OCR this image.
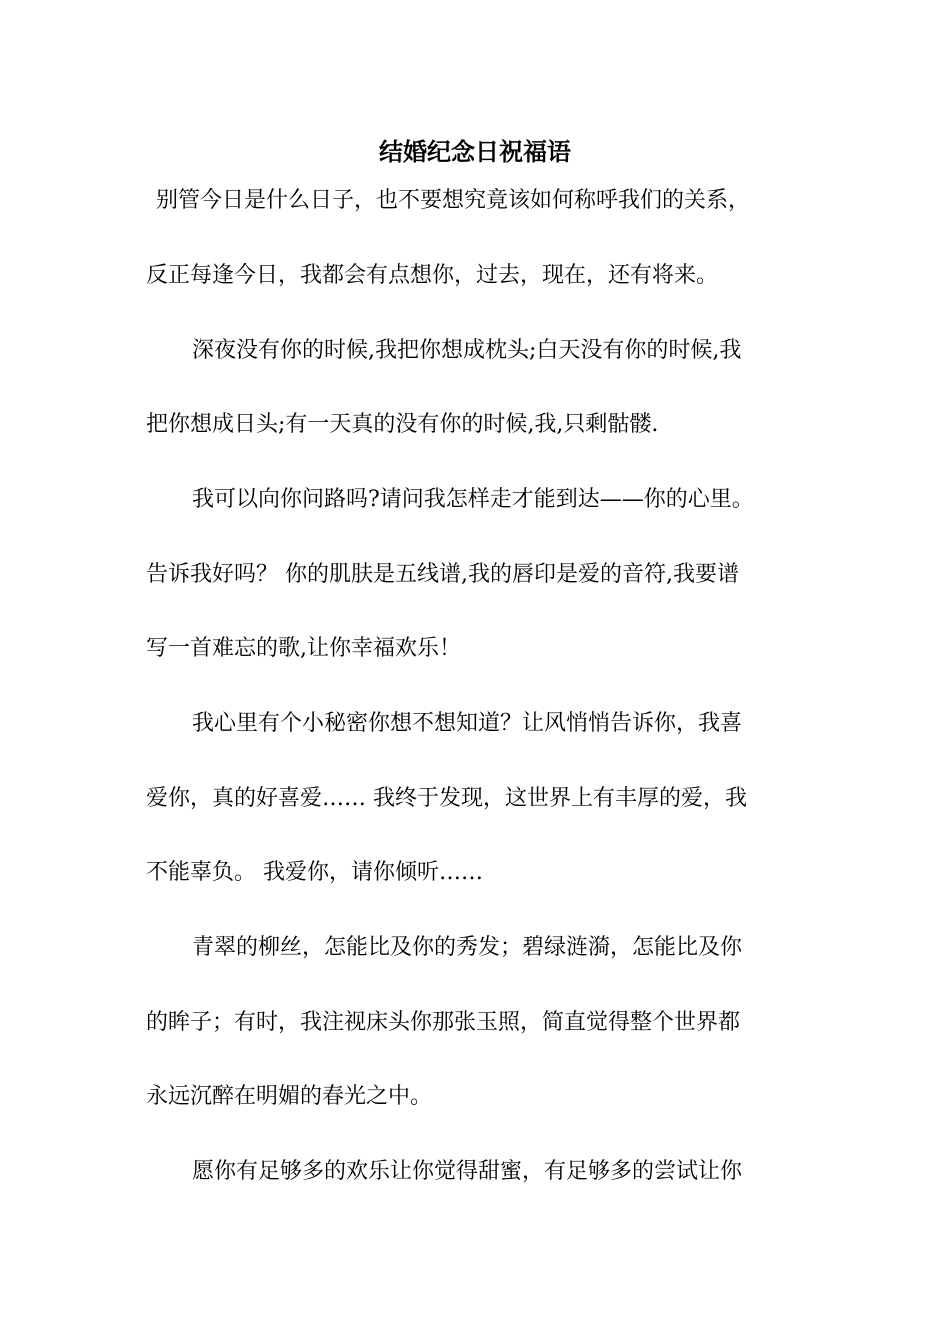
结婚纪念日祝福语
别管今日是什么日子，也不要想究竟该如何称呼我们的关系，
反正每逢今日，我都会有点想你，过去，现在，还有将来。
深夜没有你的时候,我把你想成枕头;白天没有你的时候,我
把你想成日头;有一天真的没有你的时候,我,只剩骷髅.
我可以向你问路吗?请问我怎样走才能到达——你的心里。
告诉我好吗？ 你的肌肤是五线谱,我的唇印是爱的音符,我要谱
写一首难忘的歌,让你幸福欢乐！
我心里有个小秘密你想不想知道？让风悄悄告诉你，我喜
爱你，真的好喜爱…… 我终于发现，这世界上有丰厚的爱，我
不能辜负。 我爱你，请你倾听……
青翠的柳丝，怎能比及你的秀发；碧绿涟漪，怎能比及你
的眸子；有时，我注视床头你那张玉照，简直觉得整个世界都
永远沉醉在明媚的春光之中。
愿你有足够多的欢乐让你觉得甜蜜，有足够多的尝试让你
